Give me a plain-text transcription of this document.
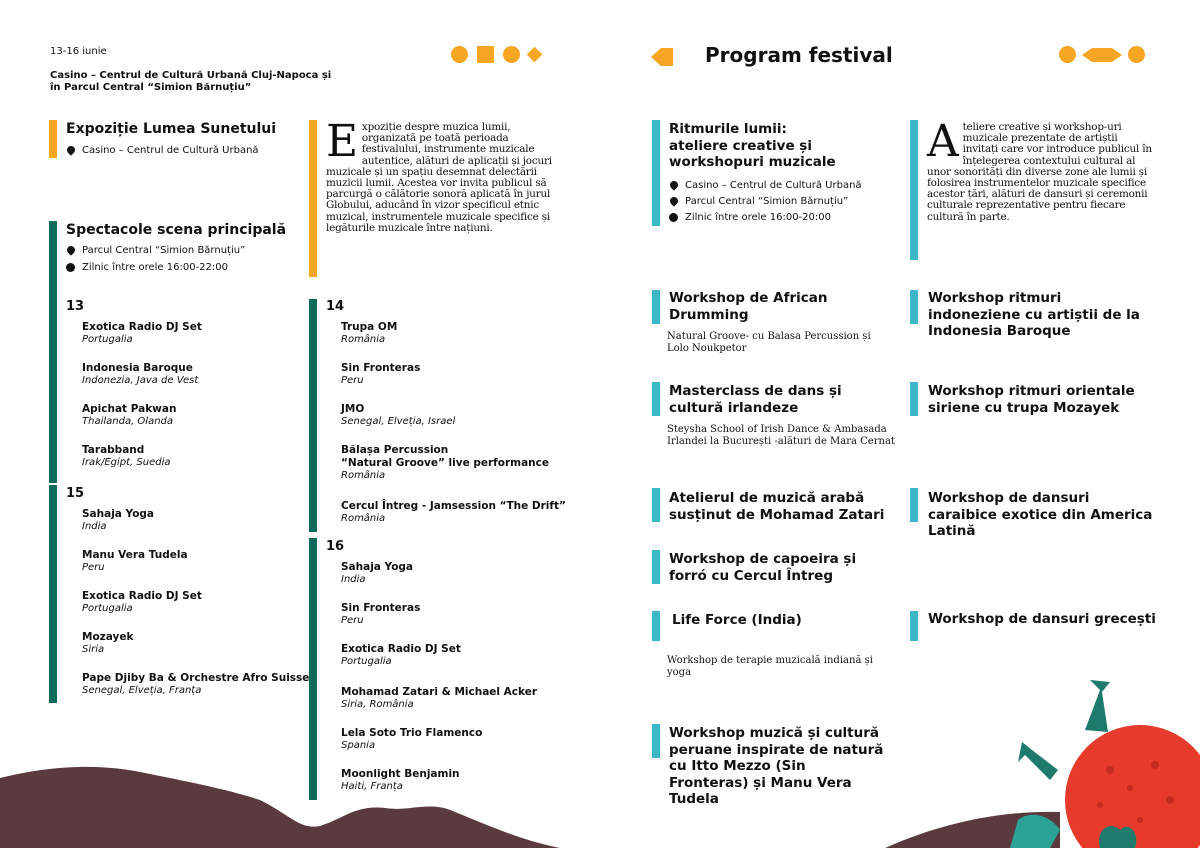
13-16 iunie
Casino – Centrul de Cultură Urbană Cluj-Napoca și
în Parcul Central “Simion Bărnuțiu”
Expoziție Lumea Sunetului
Casino – Centrul de Cultură Urbană Expoziție despre muzica lumii, organizată pe toată perioada festivalului, instrumente muzicale autentice, alături de aplicații și jocuri muzicale și un spațiu desemnat delectării muzicii lumii. Acestea vor invita publicul să parcurgă o călătorie sonoră aplicată în jurul Globului, aducând în vizor specificul etnic muzical, instrumentele muzicale specifice și legăturile muzicale între națiuni.
Spectacole scena principală
Parcul Central “Simion Bărnuțiu”
Zilnic între orele 16:00-22:00
13
Exotica Radio DJ Set
Portugalia
Indonesia Baroque
Indonezia, Java de Vest
Apichat Pakwan
Thailanda, Olanda
Tarabband
Irak/Egipt, Suedia
15
Sahaja Yoga
India
Manu Vera Tudela
Peru
Exotica Radio DJ Set
Portugalia
Mozayek
Siria
Pape Djiby Ba & Orchestre Afro Suisse
Senegal, Elveția, Franța
14
Trupa OM
România
Sin Fronteras
Peru
JMO
Senegal, Elveția, Israel
Bălașa Percussion
“Natural Groove” live performance
România
Cercul Întreg - Jamsession “The Drift”
România
16
Sahaja Yoga
India
Sin Fronteras
Peru
Exotica Radio DJ Set
Portugalia
Mohamad Zatari & Michael Acker
Siria, România
Lela Soto Trio Flamenco
Spania
Moonlight Benjamin
Haiti, Franța
Program festival
Ritmurile lumii:
ateliere creative și
workshopuri muzicale
Casino – Centrul de Cultură Urbană
Parcul Central “Simion Bărnuțiu”
Zilnic între orele 16:00-20:00
Ateliere creative și workshop-uri muzicale prezentate de artiștii invitați care vor introduce publicul în înțelegerea contextului cultural al unor sonorități din diverse zone ale lumii și folosirea instrumentelor muzicale specifice acestor țări, alături de dansuri și ceremonii culturale reprezentative pentru fiecare cultură în parte.
Workshop de African Drumming
Natural Groove- cu Balasa Percussion și Lolo Noukpetor
Masterclass de dans și cultură irlandeze
Steysha School of Irish Dance & Ambasada Irlandei la București -alături de Mara Cernat
Atelierul de muzică arabă susținut de Mohamad Zatari
Workshop de capoeira și forró cu Cercul Întreg
Life Force (India)
Workshop de terapie muzicală indiană și yoga
Workshop muzică și cultură peruane inspirate de natură cu Itto Mezzo (Sin Fronteras) și Manu Vera Tudela
Workshop ritmuri indoneziene cu artiștii de la Indonesia Baroque
Workshop ritmuri orientale siriene cu trupa Mozayek
Workshop de dansuri caraibice exotice din America Latină
Workshop de dansuri grecești
